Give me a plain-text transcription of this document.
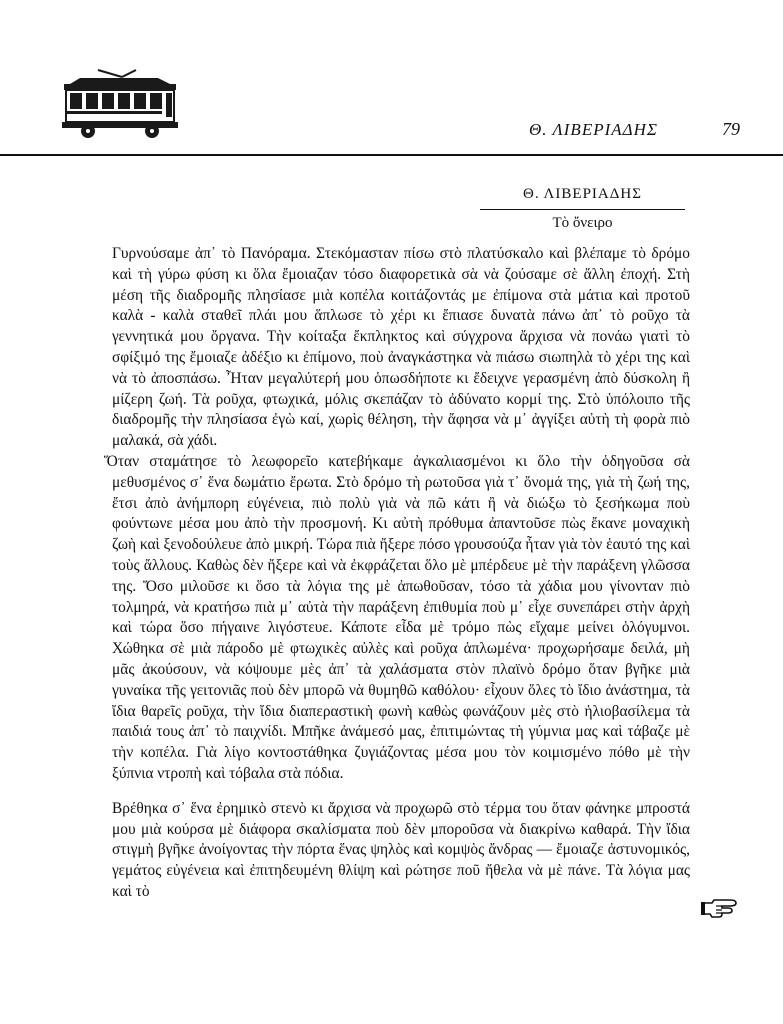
Θ. ΛΙΒΕΡΙΑΔΗΣ	79
Θ. ΛΙΒΕΡΙΑΔΗΣ
Τὸ ὄνειρο

Γυρνούσαμε ἀπ᾽ τὸ Πανόραμα. Στεκόμασταν πίσω στὸ πλατύσκαλο καὶ βλέπαμε τὸ δρόμο καὶ τὴ γύρω φύση κι ὅλα ἔμοιαζαν τόσο διαφορετικὰ σὰ νὰ ζούσαμε σὲ ἄλλη ἐποχή. Στὴ μέση τῆς διαδρομῆς πλησίασε μιὰ κοπέλα κοιτάζοντάς με ἐπίμονα στὰ μάτια καὶ προτοῦ καλὰ - καλὰ σταθεῖ πλάι μου ἅπλωσε τὸ χέρι κι ἔπιασε δυνατὰ πάνω ἀπ᾽ τὸ ροῦχο τὰ γεννητικά μου ὄργανα. Τὴν κοίταξα ἔκπληκτος καὶ σύγχρονα ἄρχισα νὰ πονάω γιατὶ τὸ σφίξιμό της ἔμοιαζε ἀδέξιο κι ἐπίμονο, ποὺ ἀναγκάστηκα νὰ πιάσω σιωπηλὰ τὸ χέρι της καὶ νὰ τὸ ἀποσπάσω. Ἦταν μεγαλύτερή μου ὁπωσδήποτε κι ἔδειχνε γερασμένη ἀπὸ δύσκολη ἢ μίζερη ζωή. Τὰ ροῦχα, φτωχικά, μόλις σκεπάζαν τὸ ἀδύνατο κορμί της. Στὸ ὑπόλοιπο τῆς διαδρομῆς τὴν πλησίασα ἐγὼ καί, χωρὶς θέληση, τὴν ἄφησα νὰ μ᾽ ἀγγίξει αὐτὴ τὴ φορὰ πιὸ μαλακά, σὰ χάδι.

Ὅταν σταμάτησε τὸ λεωφορεῖο κατεβήκαμε ἀγκαλιασμένοι κι ὅλο τὴν ὁδηγοῦσα σὰ μεθυσμένος σ᾽ ἕνα δωμάτιο ἔρωτα. Στὸ δρόμο τὴ ρωτοῦσα γιὰ τ᾽ ὄνομά της, γιὰ τὴ ζωή της, ἔτσι ἀπὸ ἀνήμπορη εὐγένεια, πιὸ πολὺ γιὰ νὰ πῶ κάτι ἢ νὰ διώξω τὸ ξεσήκωμα ποὺ φούντωνε μέσα μου ἀπὸ τὴν προσμονή. Κι αὐτὴ πρόθυμα ἀπαντοῦσε πὼς ἔκανε μοναχικὴ ζωὴ καὶ ξενοδούλευε ἀπὸ μικρή. Τώρα πιὰ ἤξερε πόσο γρουσούζα ἦταν γιὰ τὸν ἑαυτό της καὶ τοὺς ἄλλους. Καθὼς δὲν ἤξερε καὶ νὰ ἐκφράζεται ὅλο μὲ μπέρδευε μὲ τὴν παράξενη γλῶσσα της. Ὅσο μιλοῦσε κι ὅσο τὰ λόγια της μὲ ἀπωθοῦσαν, τόσο τὰ χάδια μου γίνονταν πιὸ τολμηρά, νὰ κρατήσω πιὰ μ᾽ αὐτὰ τὴν παράξενη ἐπιθυμία ποὺ μ᾽ εἶχε συνεπάρει στὴν ἀρχὴ καὶ τώρα ὅσο πήγαινε λιγόστευε. Κάποτε εἶδα μὲ τρόμο πὼς εἴχαμε μείνει ὁλόγυμνοι. Χώθηκα σὲ μιὰ πάροδο μὲ φτωχικὲς αὐλὲς καὶ ροῦχα ἁπλωμένα· προχωρήσαμε δειλά, μὴ μᾶς ἀκούσουν, νὰ κόψουμε μὲς ἀπ᾽ τὰ χαλάσματα στὸν πλαϊνὸ δρόμο ὅταν βγῆκε μιὰ γυναίκα τῆς γειτονιᾶς ποὺ δὲν μπορῶ νὰ θυμηθῶ καθόλου· εἶχουν ὅλες τὸ ἴδιο ἀνάστημα, τὰ ἴδια θαρεῖς ροῦχα, τὴν ἴδια διαπεραστικὴ φωνὴ καθὼς φωνάζουν μὲς στὸ ἡλιοβασίλεμα τὰ παιδιά τους ἀπ᾽ τὸ παιχνίδι. Μπῆκε ἀνάμεσό μας, ἐπιτιμώντας τὴ γύμνια μας καὶ τάβαζε μὲ τὴν κοπέλα. Γιὰ λίγο κοντοστάθηκα ζυγιάζοντας μέσα μου τὸν κοιμισμένο πόθο μὲ τὴν ξύπνια ντροπὴ καὶ τόβαλα στὰ πόδια.

Βρέθηκα σ᾽ ἕνα ἐρημικὸ στενὸ κι ἄρχισα νὰ προχωρῶ στὸ τέρμα του ὅταν φάνηκε μπροστά μου μιὰ κούρσα μὲ διάφορα σκαλίσματα ποὺ δὲν μποροῦσα νὰ διακρίνω καθαρά. Τὴν ἴδια στιγμὴ βγῆκε ἀνοίγοντας τὴν πόρτα ἕνας ψηλὸς καὶ κομψὸς ἄνδρας — ἔμοιαζε ἀστυνομικός, γεμάτος εὐγένεια καὶ ἐπιτηδευμένη θλίψη καὶ ρώτησε ποῦ ἤθελα νὰ μὲ πάνε. Τὰ λόγια μας καὶ τὸ
